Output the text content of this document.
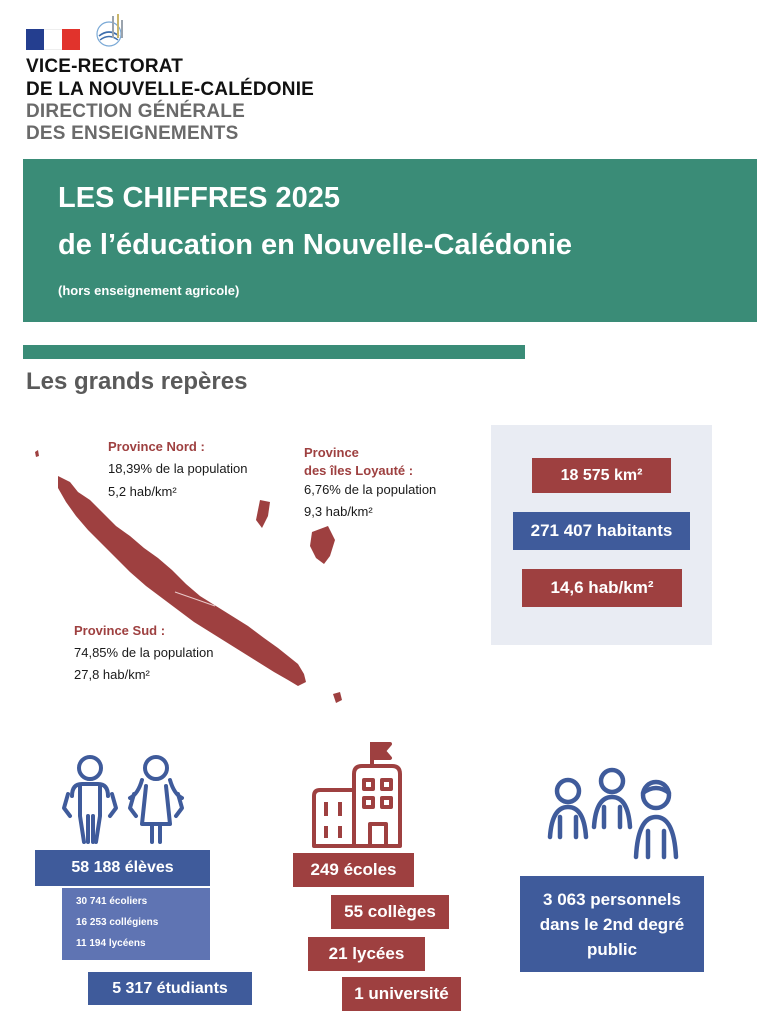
VICE-RECTORAT
DE LA NOUVELLE-CALÉDONIE
DIRECTION GÉNÉRALE
DES ENSEIGNEMENTS
LES CHIFFRES 2025
de l’éducation en Nouvelle-Calédonie
(hors enseignement agricole)
Les grands repères
Province Nord :
18,39% de la population
5,2 hab/km²
Province
des îles Loyauté :
6,76% de la population
9,3 hab/km²
Province Sud :
74,85% de la population
27,8 hab/km²
18 575 km²
271 407 habitants
14,6 hab/km²
58 188 élèves
30 741 écoliers
16 253 collégiens
11 194 lycéens
5 317 étudiants
249 écoles
55 collèges
21 lycées
1 université
3 063 personnels
dans le 2nd degré
public
